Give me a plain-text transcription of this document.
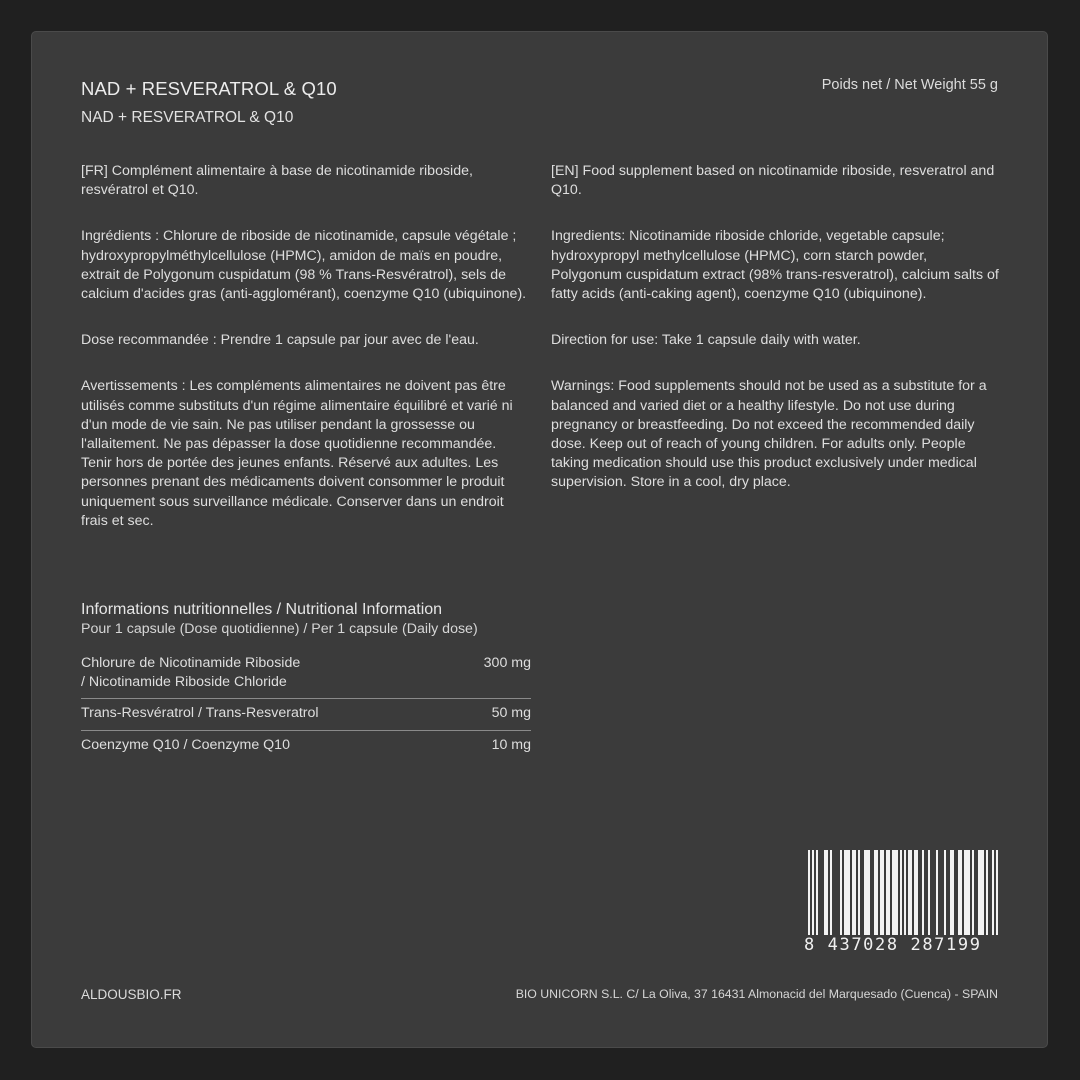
NAD + RESVERATROL & Q10
NAD + RESVERATROL & Q10
Poids net / Net Weight 55 g

[FR] Complément alimentaire à base de nicotinamide riboside, resvératrol et Q10.

Ingrédients : Chlorure de riboside de nicotinamide, capsule végétale ; hydroxypropylméthylcellulose (HPMC), amidon de maïs en poudre, extrait de Polygonum cuspidatum (98 % Trans-Resvératrol), sels de calcium d'acides gras (anti-agglomérant), coenzyme Q10 (ubiquinone).

Dose recommandée : Prendre 1 capsule par jour avec de l'eau.

Avertissements : Les compléments alimentaires ne doivent pas être utilisés comme substituts d'un régime alimentaire équilibré et varié ni d'un mode de vie sain. Ne pas utiliser pendant la grossesse ou l'allaitement. Ne pas dépasser la dose quotidienne recommandée. Tenir hors de portée des jeunes enfants. Réservé aux adultes. Les personnes prenant des médicaments doivent consommer le produit uniquement sous surveillance médicale. Conserver dans un endroit frais et sec.

[EN] Food supplement based on nicotinamide riboside, resveratrol and Q10.

Ingredients: Nicotinamide riboside chloride, vegetable capsule; hydroxypropyl methylcellulose (HPMC), corn starch powder, Polygonum cuspidatum extract (98% trans-resveratrol), calcium salts of fatty acids (anti-caking agent), coenzyme Q10 (ubiquinone).

Direction for use: Take 1 capsule daily with water.

Warnings: Food supplements should not be used as a substitute for a balanced and varied diet or a healthy lifestyle. Do not use during pregnancy or breastfeeding. Do not exceed the recommended daily dose. Keep out of reach of young children. For adults only. People taking medication should use this product exclusively under medical supervision. Store in a cool, dry place.

Informations nutritionnelles / Nutritional Information
Pour 1 capsule (Dose quotidienne) / Per 1 capsule (Daily dose)
Chlorure de Nicotinamide Riboside
/ Nicotinamide Riboside Chloride
300 mg
Trans-Resvératrol / Trans-Resveratrol	50 mg
Coenzyme Q10 / Coenzyme Q10	10 mg
8 437028 287199
ALDOUSBIO.FR	BIO UNICORN S.L. C/ La Oliva, 37 16431 Almonacid del Marquesado (Cuenca) - SPAIN
